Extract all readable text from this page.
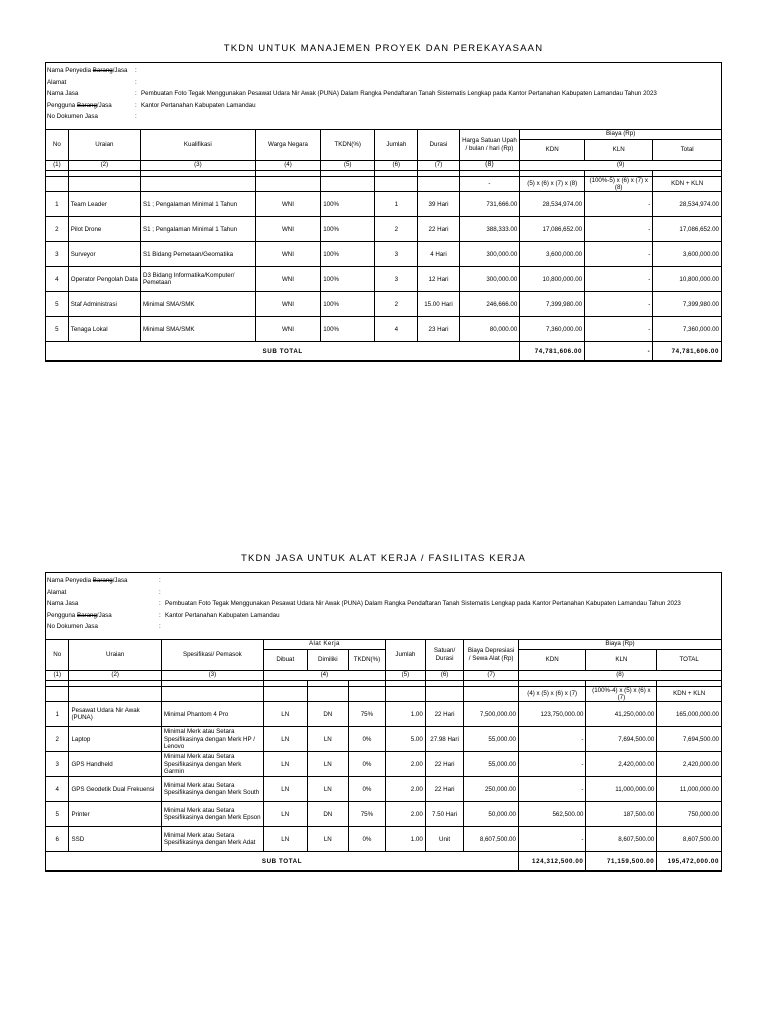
TKDN UNTUK MANAJEMEN PROYEK DAN PEREKAYASAAN
Nama Penyedia Barang/Jasa	:
Alamat	:
Nama Jasa	: Pembuatan Foto Tegak Menggunakan Pesawat Udara Nir Awak (PUNA) Dalam Rangka Pendaftaran Tanah Sistematis Lengkap pada Kantor Pertanahan Kabupaten Lamandau Tahun 2023
Pengguna Barang/Jasa	: Kantor Pertanahan Kabupaten Lamandau
No Dokumen Jasa	:
No	Uraian	Kualifikasi	Warga Negara	TKDN(%)	Jumlah	Durasi	Harga Satuan Upah / bulan / hari (Rp)	Biaya (Rp)		
								KDN	KLN	Total
(1)	(2)	(3)	(4)	(5)	(6)	(7)	(8)	(9)		

							-	(5) x (6) x (7) x (8)	(100%-5) x (6) x (7) x (8)	KDN + KLN
1	Team Leader	S1 ; Pengalaman Minimal 1 Tahun	WNI	100%	1	39 Hari	731,666.00	28,534,974.00	-	28,534,974.00
2	Pilot Drone	S1 ; Pengalaman Minimal 1 Tahun	WNI	100%	2	22 Hari	388,333.00	17,086,652.00	-	17,086,652.00
3	Surveyor	S1 Bidang Pemetaan/Geomatika	WNI	100%	3	4 Hari	300,000.00	3,600,000.00	-	3,600,000.00
4	Operator Pengolah Data	D3 Bidang Informatika/Komputer/ Pemetaan	WNI	100%	3	12 Hari	300,000.00	10,800,000.00	-	10,800,000.00
5	Staf Administrasi	Minimal SMA/SMK	WNI	100%	2	15.00 Hari	246,666.00	7,399,980.00	-	7,399,980.00
5	Tenaga Lokal	Minimal SMA/SMK	WNI	100%	4	23 Hari	80,000.00	7,360,000.00	-	7,360,000.00
SUB TOTAL								74,781,606.00	-	74,781,606.00
TKDN JASA UNTUK ALAT KERJA / FASILITAS KERJA
Nama Penyedia Barang/Jasa	:
Alamat	:
Nama Jasa	: Pembuatan Foto Tegak Menggunakan Pesawat Udara Nir Awak (PUNA) Dalam Rangka Pendaftaran Tanah Sistematis Lengkap pada Kantor Pertanahan Kabupaten Lamandau Tahun 2023
Pengguna Barang/Jasa	: Kantor Pertanahan Kabupaten Lamandau
No Dokumen Jasa	:
No	Uraian	Spesifikasi/ Pemasok	Alat Kerja			Jumlah	Satuan/ Durasi	Biaya Depresiasi / Sewa Alat (Rp)	Biaya (Rp)		
			Dibuat	Dimiliki	TKDN(%)				KDN	KLN	TOTAL
(1)	(2)	(3)	(4)			(5)	(6)	(7)	(8)		

									(4) x (5) x (6) x (7)	(100%-4) x (5) x (6) x (7)	KDN + KLN
1	Pesawat Udara Nir Awak (PUNA)	Minimal Phantom 4 Pro	LN	DN	75%	1.00	22 Hari	7,500,000.00	123,750,000.00	41,250,000.00	165,000,000.00
2	Laptop	Minimal Merk atau Setara Spesifikasinya dengan Merk HP / Lenovo	LN	LN	0%	5.00	27.98 Hari	55,000.00	-	7,694,500.00	7,694,500.00
3	GPS Handheld	Minimal Merk atau Setara Spesifikasinya dengan Merk Garmin	LN	LN	0%	2.00	22 Hari	55,000.00	-	2,420,000.00	2,420,000.00
4	GPS Geodetik Dual Frekuensi	Minimal Merk atau Setara Spesifikasinya dengan Merk South	LN	LN	0%	2.00	22 Hari	250,000.00	-	11,000,000.00	11,000,000.00
5	Printer	Minimal Merk atau Setara Spesifikasinya dengan Merk Epson	LN	DN	75%	2.00	7.50 Hari	50,000.00	562,500.00	187,500.00	750,000.00
6	SSD	Minimal Merk atau Setara Spesifikasinya dengan Merk Adat	LN	LN	0%	1.00	Unit	8,607,500.00	-	8,607,500.00	8,607,500.00
SUB TOTAL									124,312,500.00	71,159,500.00	195,472,000.00
